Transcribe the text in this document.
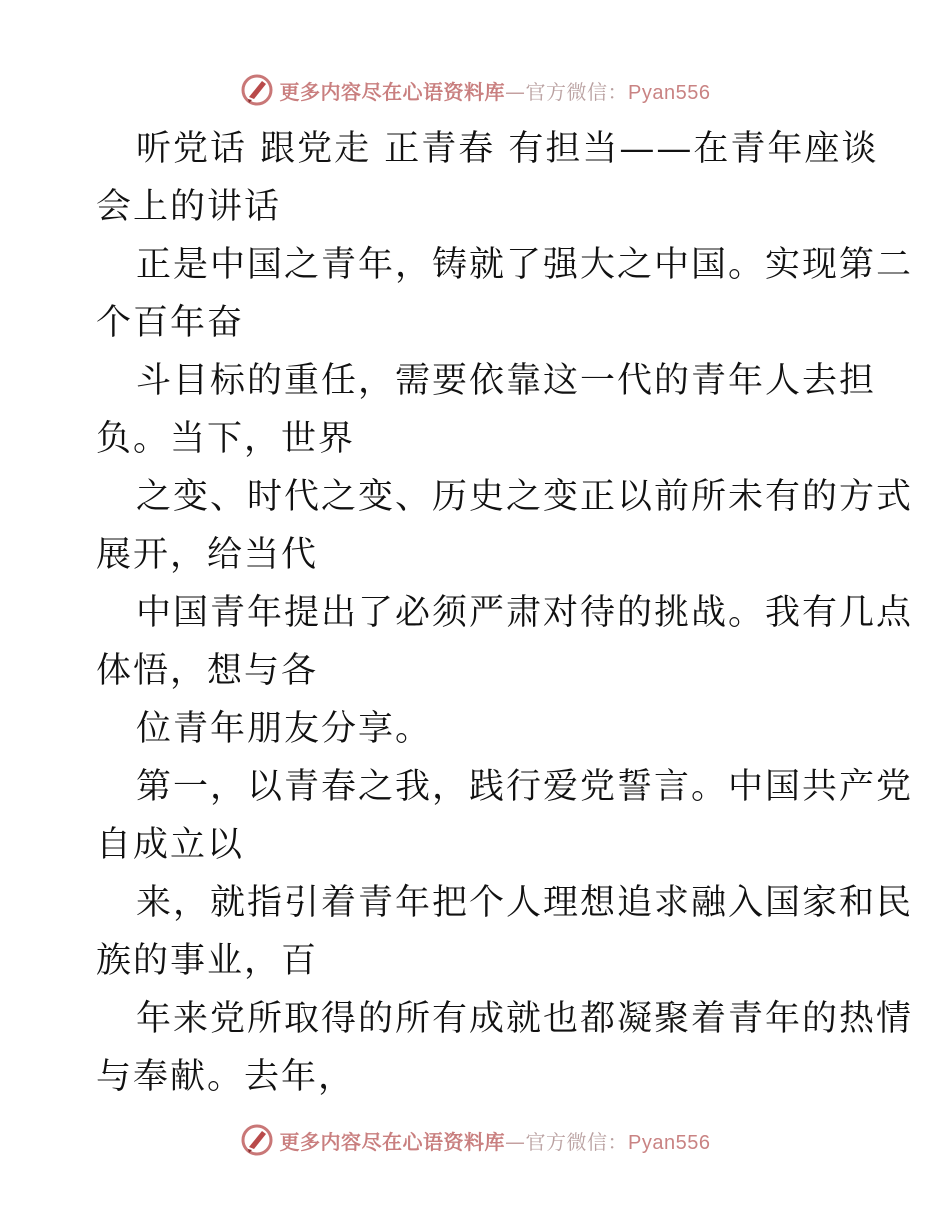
更多内容尽在心语资料库—官方微信：Pyan556

听党话 跟党走 正青春 有担当——在青年座谈
会上的讲话

正是中国之青年，铸就了强大之中国。实现第二
个百年奋

斗目标的重任，需要依靠这一代的青年人去担
负。当下，世界

之变、时代之变、历史之变正以前所未有的方式
展开，给当代

中国青年提出了必须严肃对待的挑战。我有几点
体悟，想与各

位青年朋友分享。

第一，以青春之我，践行爱党誓言。中国共产党
自成立以

来，就指引着青年把个人理想追求融入国家和民
族的事业，百

年来党所取得的所有成就也都凝聚着青年的热情
与奉献。去年，

更多内容尽在心语资料库—官方微信：Pyan556
